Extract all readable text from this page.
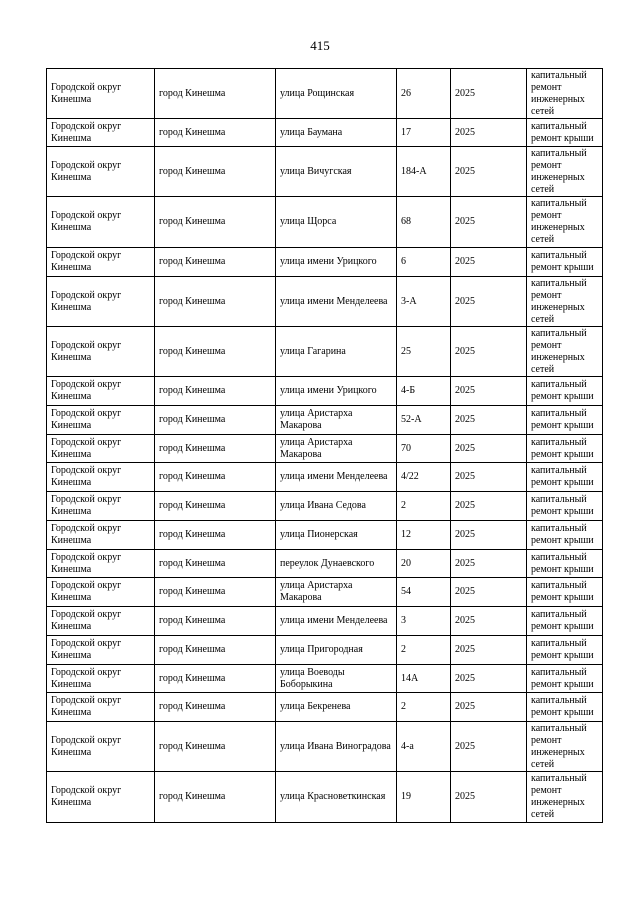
415
Городской округ Кинешма	город Кинешма	улица Рощинская	26	2025	капитальный ремонт инженерных сетей
Городской округ Кинешма	город Кинешма	улица Баумана	17	2025	капитальный ремонт крыши
Городской округ Кинешма	город Кинешма	улица Вичугская	184-А	2025	капитальный ремонт инженерных сетей
Городской округ Кинешма	город Кинешма	улица Щорса	68	2025	капитальный ремонт инженерных сетей
Городской округ Кинешма	город Кинешма	улица имени Урицкого	6	2025	капитальный ремонт крыши
Городской округ Кинешма	город Кинешма	улица имени Менделеева	3-А	2025	капитальный ремонт инженерных сетей
Городской округ Кинешма	город Кинешма	улица Гагарина	25	2025	капитальный ремонт инженерных сетей
Городской округ Кинешма	город Кинешма	улица имени Урицкого	4-Б	2025	капитальный ремонт крыши
Городской округ Кинешма	город Кинешма	улица Аристарха Макарова	52-А	2025	капитальный ремонт крыши
Городской округ Кинешма	город Кинешма	улица Аристарха Макарова	70	2025	капитальный ремонт крыши
Городской округ Кинешма	город Кинешма	улица имени Менделеева	4/22	2025	капитальный ремонт крыши
Городской округ Кинешма	город Кинешма	улица Ивана Седова	2	2025	капитальный ремонт крыши
Городской округ Кинешма	город Кинешма	улица Пионерская	12	2025	капитальный ремонт крыши
Городской округ Кинешма	город Кинешма	переулок Дунаевского	20	2025	капитальный ремонт крыши
Городской округ Кинешма	город Кинешма	улица Аристарха Макарова	54	2025	капитальный ремонт крыши
Городской округ Кинешма	город Кинешма	улица имени Менделеева	3	2025	капитальный ремонт крыши
Городской округ Кинешма	город Кинешма	улица Пригородная	2	2025	капитальный ремонт крыши
Городской округ Кинешма	город Кинешма	улица Воеводы Боборыкина	14А	2025	капитальный ремонт крыши
Городской округ Кинешма	город Кинешма	улица Бекренева	2	2025	капитальный ремонт крыши
Городской округ Кинешма	город Кинешма	улица Ивана Виноградова	4-а	2025	капитальный ремонт инженерных сетей
Городской округ Кинешма	город Кинешма	улица Красноветкинская	19	2025	капитальный ремонт инженерных сетей
